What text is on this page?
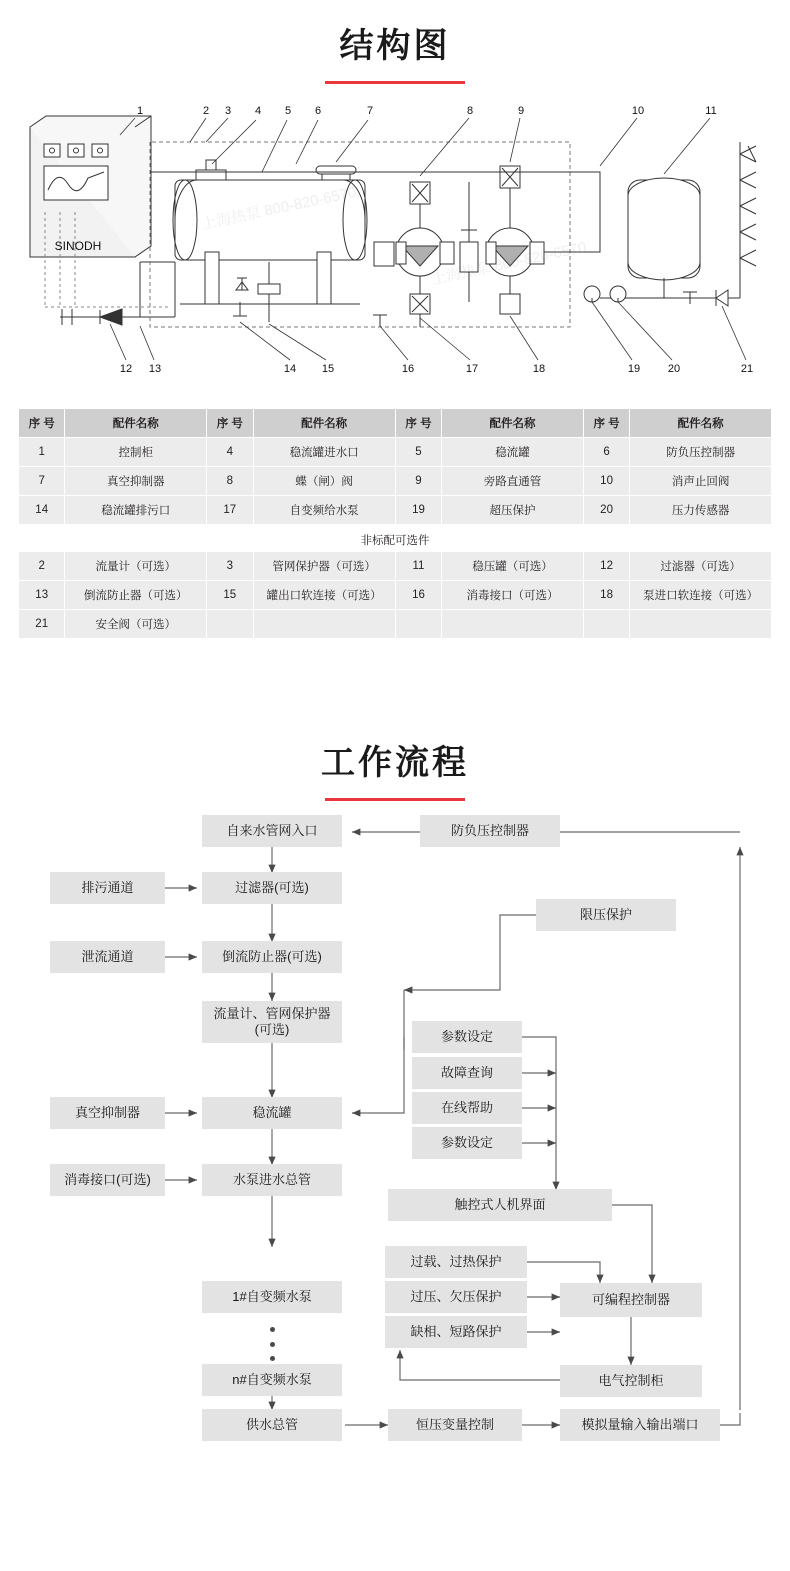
结构图
1	2 3 4 5 6	7	8	9	10	11
12 13	14 15	16	17	18	19	20	21
SINODH
上海热泵
序 号	配件名称	序 号	配件名称	序 号	配件名称	序 号	配件名称
1	控制柜	4	稳流罐进水口	5	稳流罐	6	防负压控制器
7	真空抑制器	8	蝶（闸）阀	9	旁路直通管	10	消声止回阀
14	稳流罐排污口	17	自变频给水泵	19	超压保护	20	压力传感器
非标配可选件							
2	流量计（可选）	3	管网保护器（可选）	11	稳压罐（可选）	12	过滤器（可选）
13	倒流防止器（可选）	15	罐出口软连接（可选）	16	消毒接口（可选）	18	泵进口软连接（可选）
21	安全阀（可选）						
工作流程
自来水管网入口	防负压控制器
排污通道	过滤器(可选)
限压保护
泄流通道	倒流防止器(可选)
流量计、管网保护器(可选)	参数设定
故障查询
在线帮助
参数设定
真空抑制器	稳流罐
消毒接口(可选)	水泵进水总管
触控式人机界面
过载、过热保护
可编程控制器
1#自变频水泵	过压、欠压保护
缺相、短路保护
n#自变频水泵	电气控制柜
供水总管	恒压变量控制	模拟量输入输出端口
